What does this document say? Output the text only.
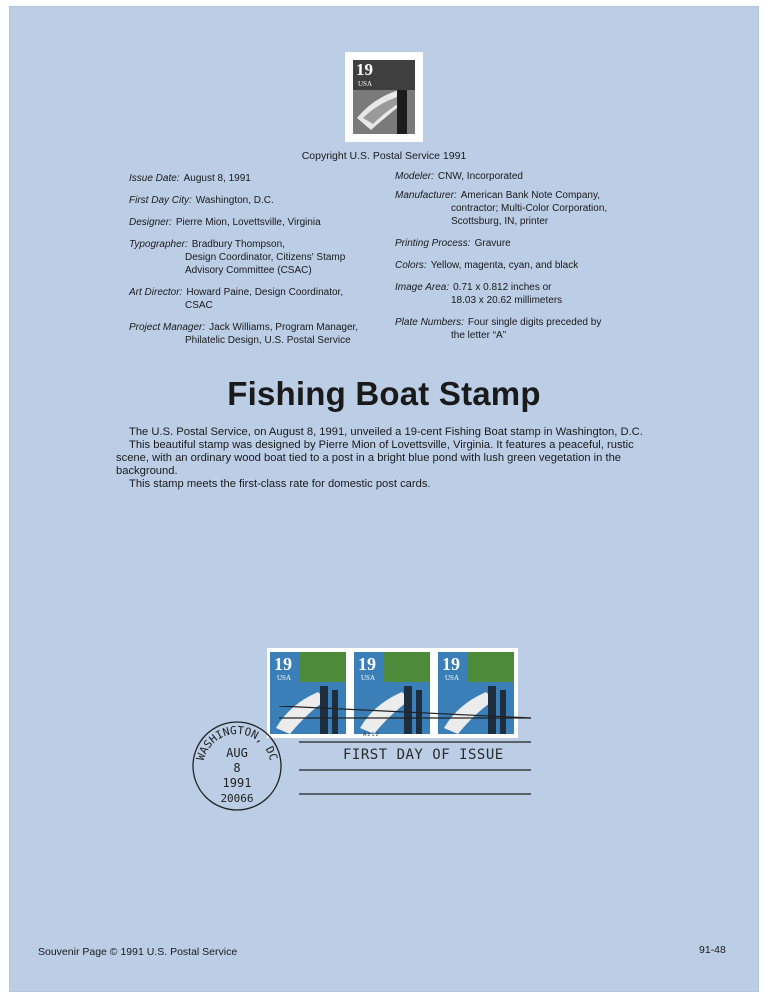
19
USA
Copyright U.S. Postal Service 1991
Issue Date: August 8, 1991
First Day City: Washington, D.C.
Designer: Pierre Mion, Lovettsville, Virginia
Typographer: Bradbury Thompson,
Design Coordinator, Citizens' Stamp
Advisory Committee (CSAC)
Art Director: Howard Paine, Design Coordinator,
CSAC
Project Manager: Jack Williams, Program Manager,
Philatelic Design, U.S. Postal Service
Modeler: CNW, Incorporated
Manufacturer: American Bank Note Company,
contractor; Multi-Color Corporation,
Scottsburg, IN, printer
Printing Process: Gravure
Colors: Yellow, magenta, cyan, and black
Image Area: 0.71 x 0.812 inches or
18.03 x 20.62 millimeters
Plate Numbers: Four single digits preceded by
the letter “A”
Fishing Boat Stamp

The U.S. Postal Service, on August 8, 1991, unveiled a 19-cent Fishing Boat stamp in Washington, D.C.

This beautiful stamp was designed by Pierre Mion of Lovettsville, Virginia. It features a peaceful, rustic scene, with an ordinary wood boat tied to a post in a bright blue pond with lush green vegetation in the background.

This stamp meets the first-class rate for domestic post cards.

19
USA
19
USA
19
USA
A 2 1 2
FIRST DAY OF ISSUE
WASHINGTON, DC
AUG
8
1991
20066
Souvenir Page © 1991 U.S. Postal Service	91-48
